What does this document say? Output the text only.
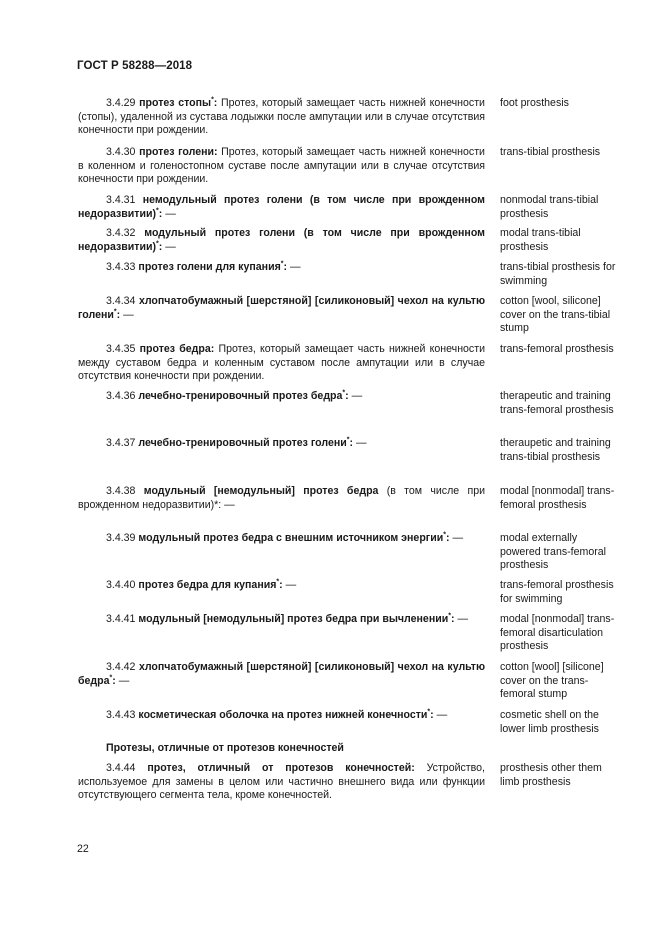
ГОСТ Р 58288—2018
3.4.29 протез стопы*: Протез, который замещает часть нижней конечности (стопы), удаленной из сустава лодыжки после ампутации или в случае отсутствия конечности при рождении.
foot prosthesis
3.4.30 протез голени: Протез, который замещает часть нижней конечности в коленном и голеностопном суставе после ампутации или в случае отсутствия конечности при рождении.
trans-tibial prosthesis
3.4.31 немодульный протез голени (в том числе при врожденном недоразвитии)*: —
nonmodal trans-tibial prosthesis
3.4.32 модульный протез голени (в том числе при врожденном недоразвитии)*: —
modal trans-tibial prosthesis
3.4.33 протез голени для купания*: —	trans-tibial prosthesis for swimming
3.4.34 хлопчатобумажный [шерстяной] [силиконовый] чехол на культю голени*: —
cotton [wool, silicone] cover on the trans-tibial stump
3.4.35 протез бедра: Протез, который замещает часть нижней конечности между суставом бедра и коленным суставом после ампутации или в случае отсутствия конечности при рождении.
trans-femoral prosthesis
3.4.36 лечебно-тренировочный протез бедра*: —	therapeutic and training trans-femoral prosthesis
3.4.37 лечебно-тренировочный протез голени*: —	theraupetic and training trans-tibial prosthesis
3.4.38 модульный [немодульный] протез бедра (в том числе при врожденном недоразвитии)*: —
modal [nonmodal] trans-femoral prosthesis
3.4.39 модульный протез бедра с внешним источником энергии*: —	modal externally powered trans-femoral prosthesis
3.4.40 протез бедра для купания*: —	trans-femoral prosthesis for swimming
3.4.41 модульный [немодульный] протез бедра при вычленении*: —	modal [nonmodal] trans-femoral disarticulation prosthesis
3.4.42 хлопчатобумажный [шерстяной] [силиконовый] чехол на культю бедра*: —
cotton [wool] [silicone] cover on the trans-femoral stump
3.4.43 косметическая оболочка на протез нижней конечности*: —	cosmetic shell on the lower limb prosthesis
Протезы, отличные от протезов конечностей
3.4.44 протез, отличный от протезов конечностей: Устройство, используемое для замены в целом или частично внешнего вида или функции отсутствующего сегмента тела, кроме конечностей.
prosthesis other them limb prosthesis
22
